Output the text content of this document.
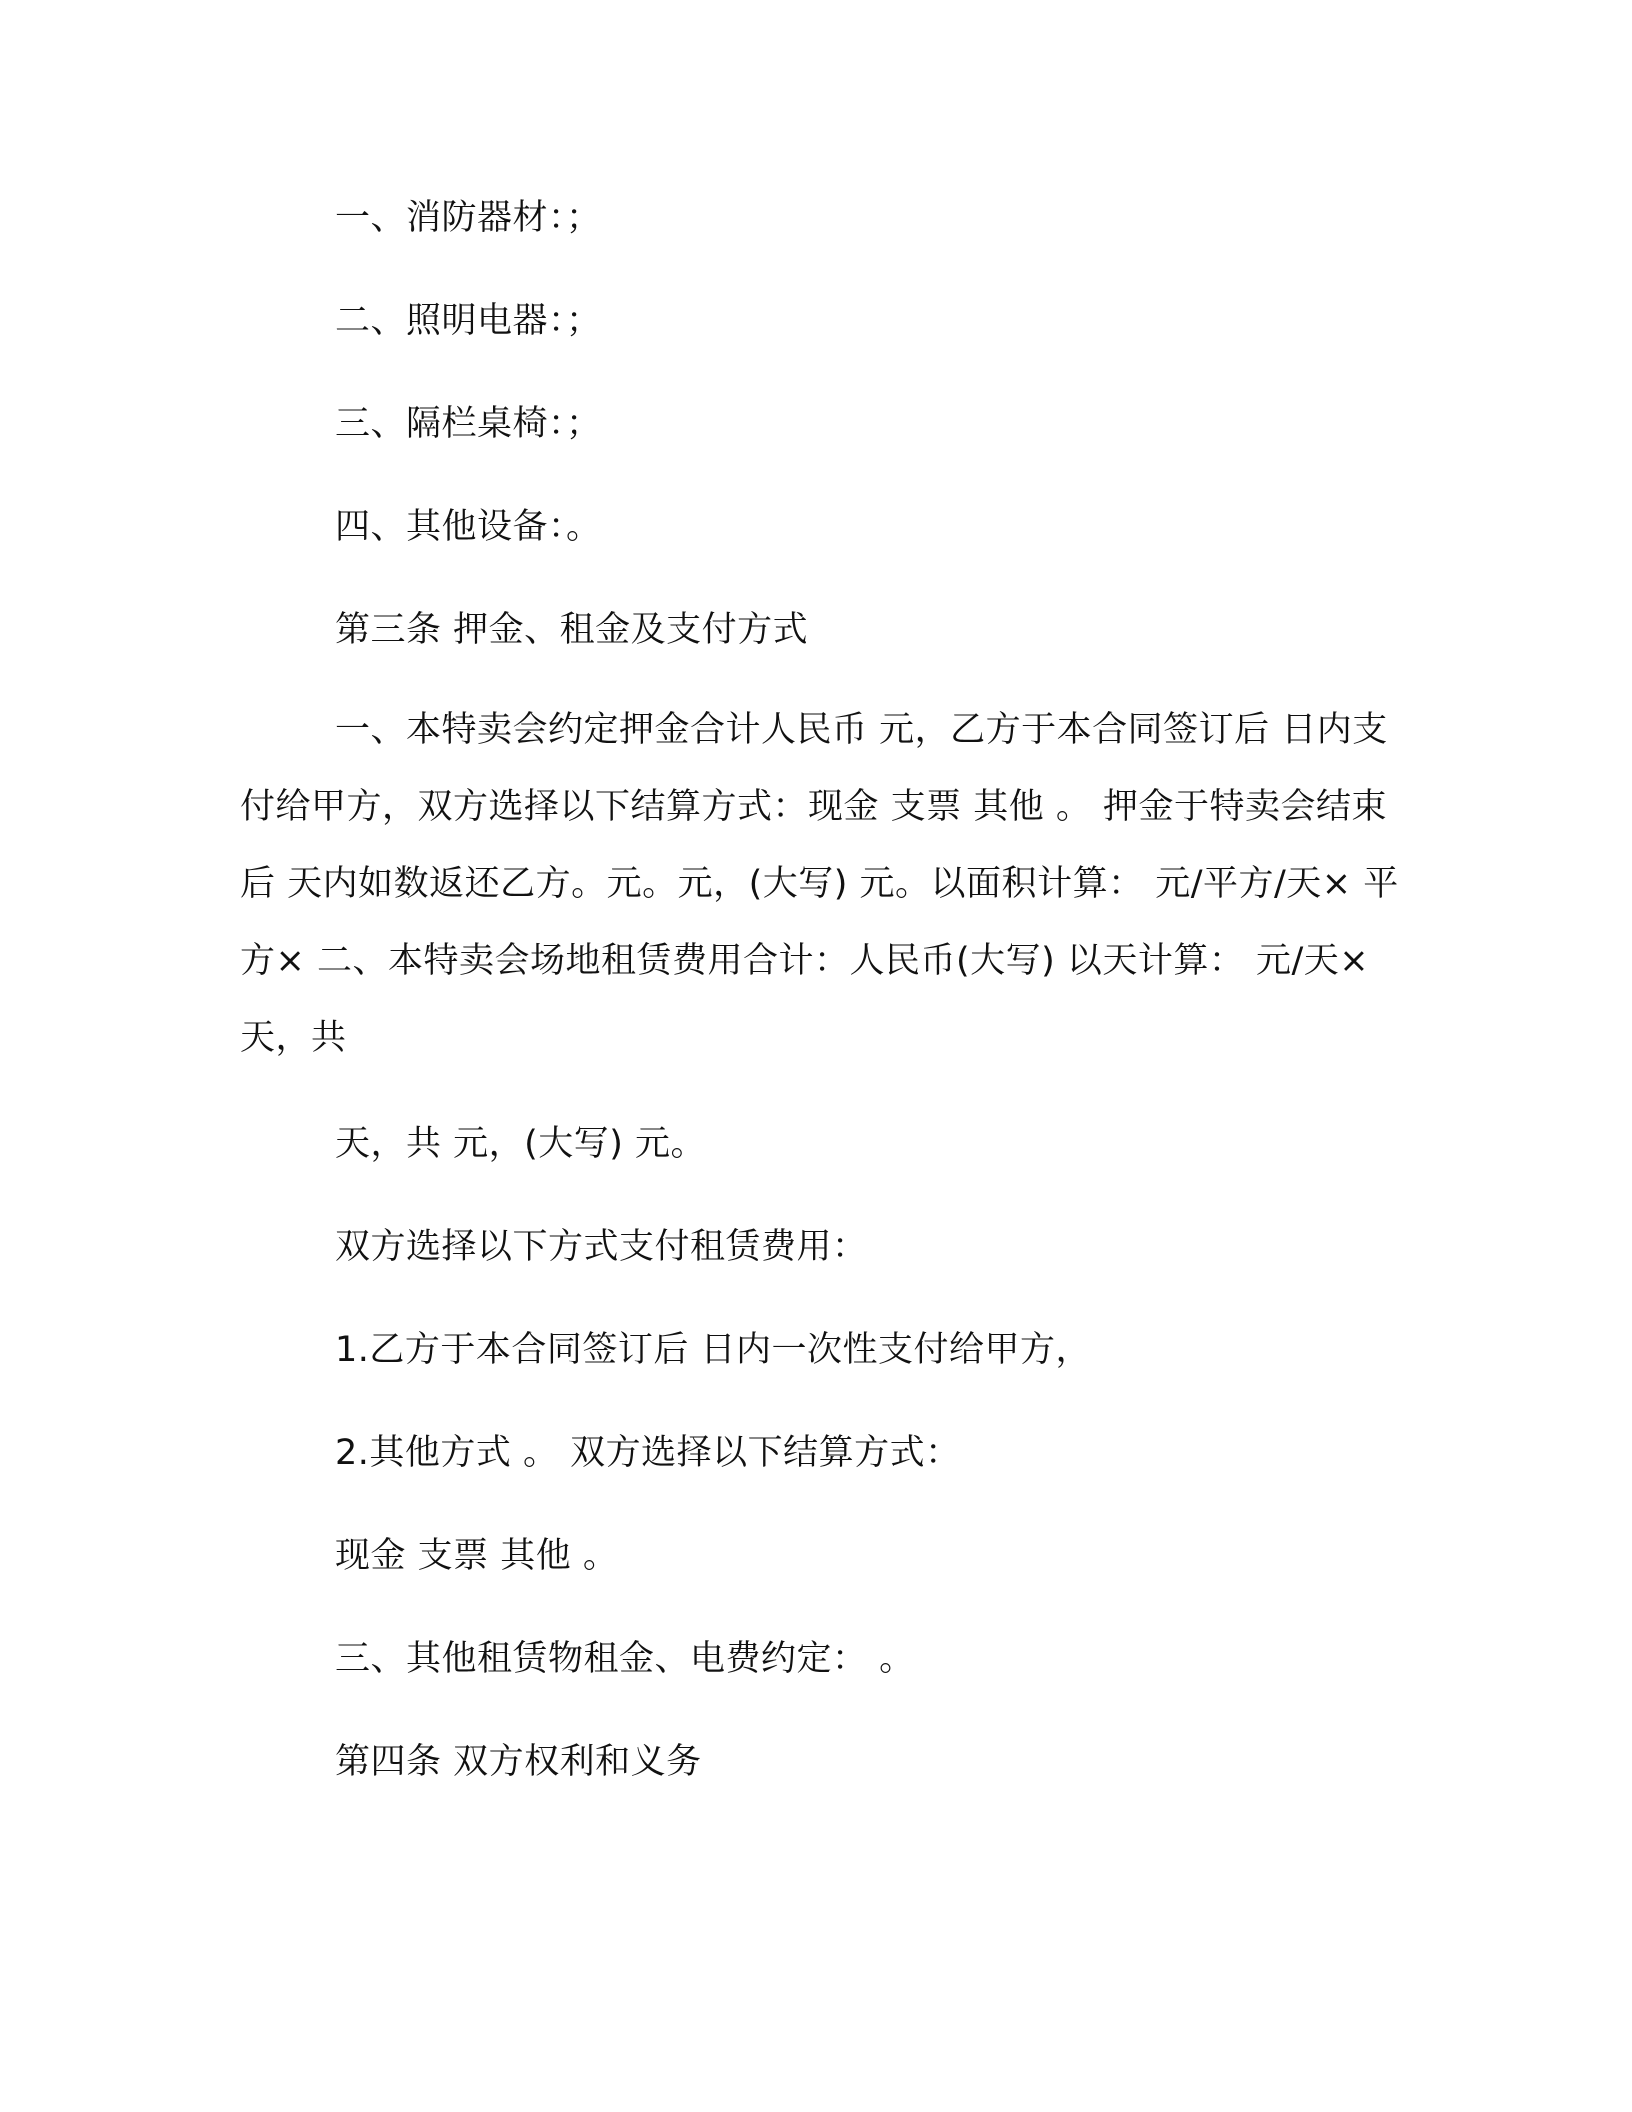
一、消防器材：；
二、照明电器：；
三、隔栏桌椅：；
四、其他设备：。
第三条 押金、租金及支付方式
一、本特卖会约定押金合计人民币 元，乙方于本合同签订后 日内支付给甲方，双方选择以下结算方式：现金 支票 其他 。 押金于特卖会结束后 天内如数返还乙方。元。元，(大写) 元。以面积计算： 元/平方/天× 平方× 二、本特卖会场地租赁费用合计：人民币(大写) 以天计算： 元/天× 天，共
天，共 元，(大写) 元。
双方选择以下方式支付租赁费用：
1.乙方于本合同签订后 日内一次性支付给甲方，
2.其他方式 。 双方选择以下结算方式：
现金 支票 其他 。
三、其他租赁物租金、电费约定： 。
第四条 双方权利和义务
